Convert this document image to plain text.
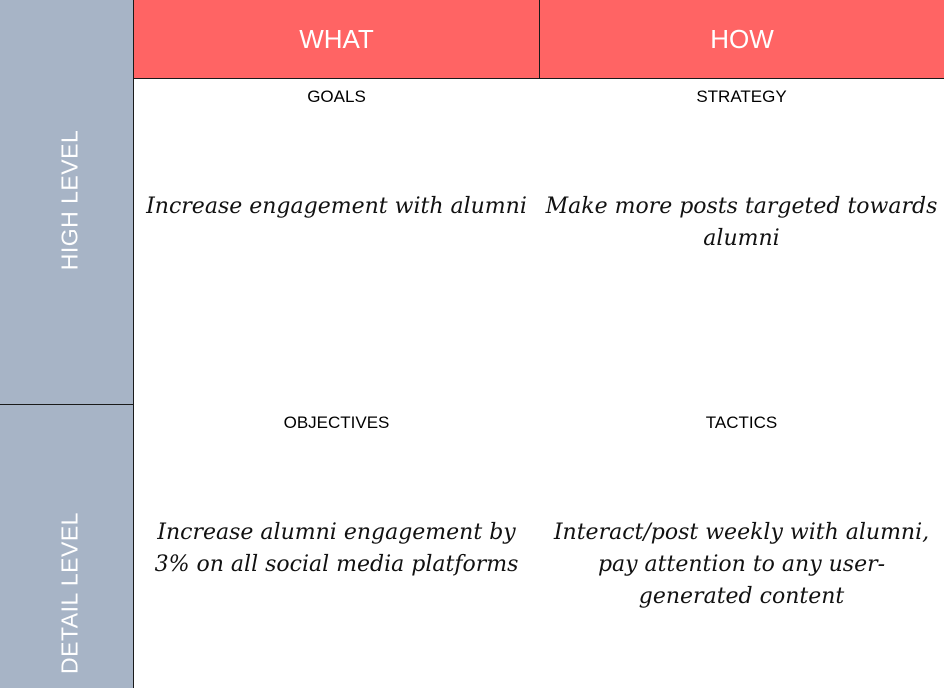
WHAT	HOW
HIGH LEVEL
DETAIL LEVEL
GOALS
Increase engagement with alumni
STRATEGY
Make more posts targeted towards alumni
OBJECTIVES
Increase alumni engagement by 3% on all social media platforms
TACTICS
Interact/post weekly with alumni, pay attention to any user-generated content
